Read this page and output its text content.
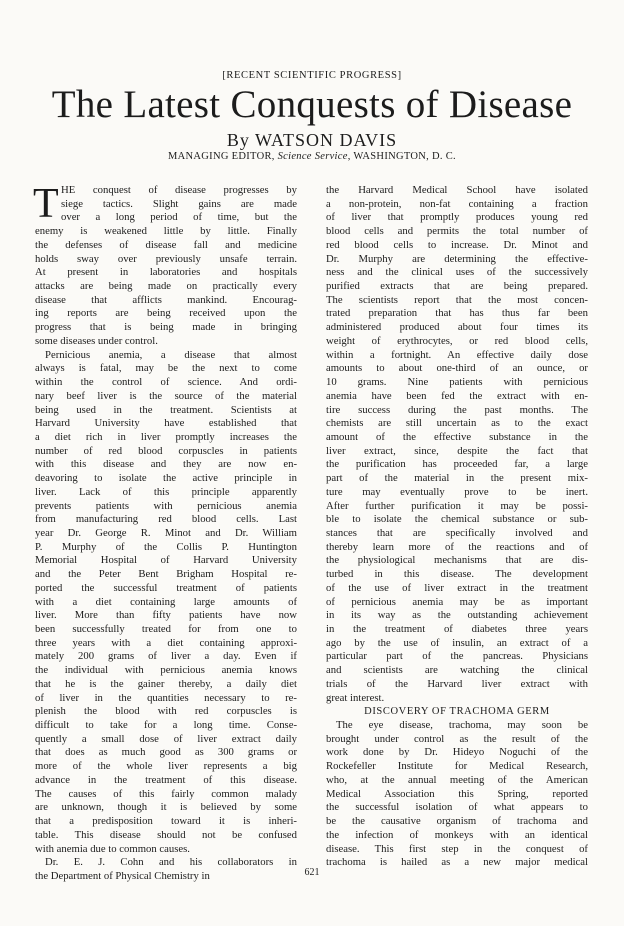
[RECENT SCIENTIFIC PROGRESS]
The Latest Conquests of Disease
By WATSON DAVIS
MANAGING EDITOR, Science Service, WASHINGTON, D. C.
T HE conquest of disease progresses by
siege tactics. Slight gains are made
over a long period of time, but the
enemy is weakened little by little. Finally
the defenses of disease fall and medicine
holds sway over previously unsafe terrain.
At present in laboratories and hospitals
attacks are being made on practically every
disease that afflicts mankind. Encourag-
ing reports are being received upon the
progress that is being made in bringing
some diseases under control.
Pernicious anemia, a disease that almost
always is fatal, may be the next to come
within the control of science. And ordi-
nary beef liver is the source of the material
being used in the treatment. Scientists at
Harvard University have established that
a diet rich in liver promptly increases the
number of red blood corpuscles in patients
with this disease and they are now en-
deavoring to isolate the active principle in
liver. Lack of this principle apparently
prevents patients with pernicious anemia
from manufacturing red blood cells. Last
year Dr. George R. Minot and Dr. William
P. Murphy of the Collis P. Huntington
Memorial Hospital of Harvard University
and the Peter Bent Brigham Hospital re-
ported the successful treatment of patients
with a diet containing large amounts of
liver. More than fifty patients have now
been successfully treated for from one to
three years with a diet containing approxi-
mately 200 grams of liver a day. Even if
the individual with pernicious anemia knows
that he is the gainer thereby, a daily diet
of liver in the quantities necessary to re-
plenish the blood with red corpuscles is
difficult to take for a long time. Conse-
quently a small dose of liver extract daily
that does as much good as 300 grams or
more of the whole liver represents a big
advance in the treatment of this disease.
The causes of this fairly common malady
are unknown, though it is believed by some
that a predisposition toward it is inheri-
table. This disease should not be confused
with anemia due to common causes.
Dr. E. J. Cohn and his collaborators in
the Department of Physical Chemistry in
the Harvard Medical School have isolated
a non-protein, non-fat containing a fraction
of liver that promptly produces young red
blood cells and permits the total number of
red blood cells to increase. Dr. Minot and
Dr. Murphy are determining the effective-
ness and the clinical uses of the successively
purified extracts that are being prepared.
The scientists report that the most concen-
trated preparation that has thus far been
administered produced about four times its
weight of erythrocytes, or red blood cells,
within a fortnight. An effective daily dose
amounts to about one-third of an ounce, or
10 grams. Nine patients with pernicious
anemia have been fed the extract with en-
tire success during the past months. The
chemists are still uncertain as to the exact
amount of the effective substance in the
liver extract, since, despite the fact that
the purification has proceeded far, a large
part of the material in the present mix-
ture may eventually prove to be inert.
After further purification it may be possi-
ble to isolate the chemical substance or sub-
stances that are specifically involved and
thereby learn more of the reactions and of
the physiological mechanisms that are dis-
turbed in this disease. The development
of the use of liver extract in the treatment
of pernicious anemia may be as important
in its way as the outstanding achievement
in the treatment of diabetes three years
ago by the use of insulin, an extract of a
particular part of the pancreas. Physicians
and scientists are watching the clinical
trials of the Harvard liver extract with
great interest.
DISCOVERY OF TRACHOMA GERM
The eye disease, trachoma, may soon be
brought under control as the result of the
work done by Dr. Hideyo Noguchi of the
Rockefeller Institute for Medical Research,
who, at the annual meeting of the American
Medical Association this Spring, reported
the successful isolation of what appears to
be the causative organism of trachoma and
the infection of monkeys with an identical
disease. This first step in the conquest of
trachoma is hailed as a new major medical
621
